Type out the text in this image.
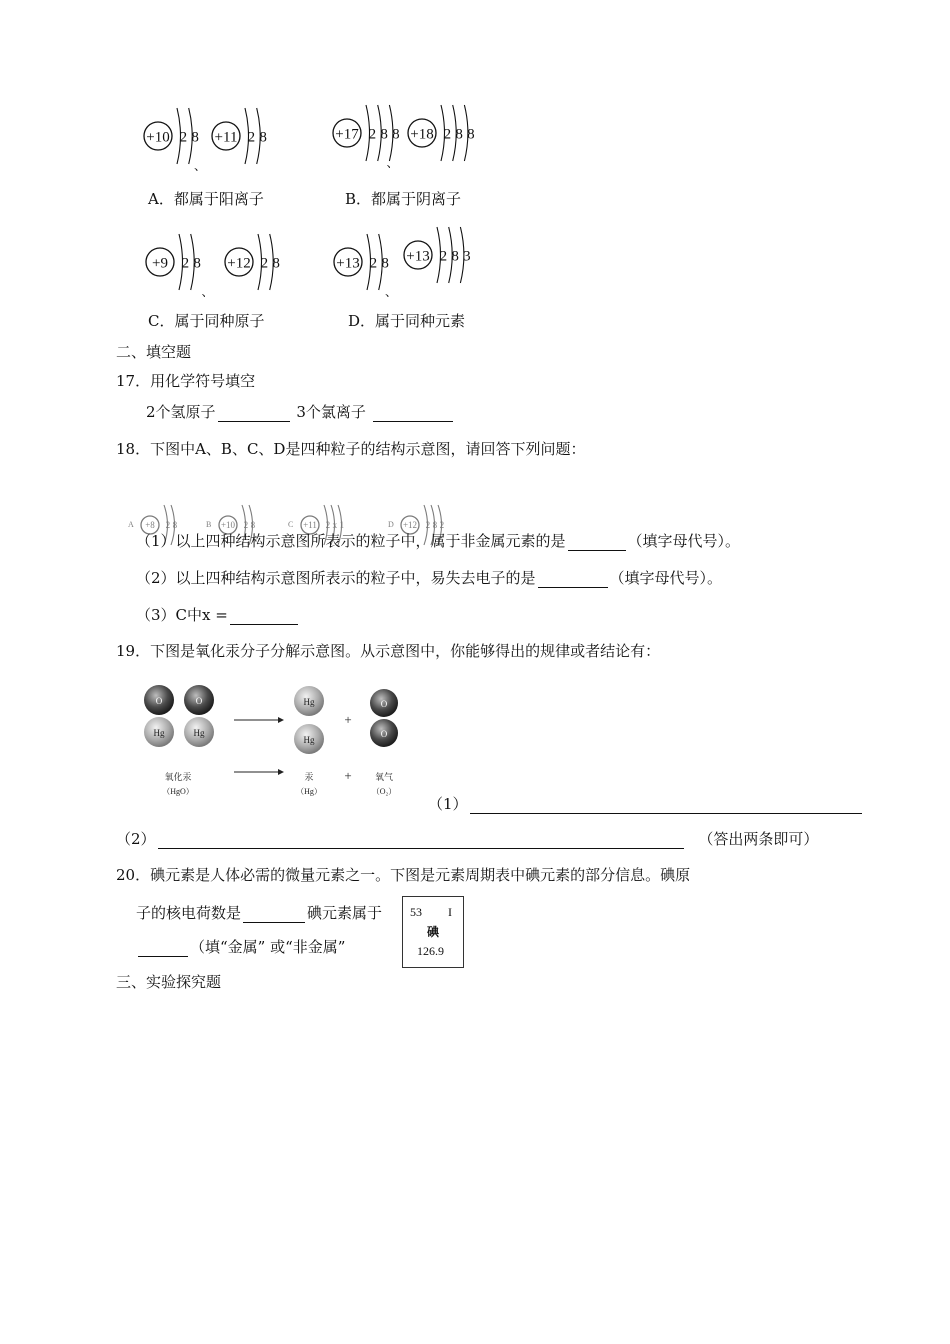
+10 2 8 +11 2 8
、
+17 2 8 8 +18 2 8 8
、
+9 2 8 +12 2 8
、
+13 2 8 +13 2 8 3
、
A．都属于阳离子	B．都属于阴离子
C．属于同种原子	D．属于同种元素
二、填空题
17．用化学符号填空
2个氢原子	3个氯离子
18．下图中A、B、C、D是四种粒子的结构示意图，请回答下列问题：
A +8 2 8	B +10 2 8	C +11 2 x 1	D +12 2 8 2
（1）以上四种结构示意图所表示的粒子中，属于非金属元素的是	（填字母代号）。
（2）以上四种结构示意图所表示的粒子中，易失去电子的是	（填字母代号）。
（3）C中x =
19．下图是氧化汞分子分解示意图。从示意图中，你能够得出的规律或者结论有：
O
Hg
O
Hg
Hg
Hg
+
O
O
氧化汞
（HgO）
汞
（Hg）
+	氧气
（O₂）
（1）
（2）	（答出两条即可）
20．碘元素是人体必需的微量元素之一。下图是元素周期表中碘元素的部分信息。碘原
子的核电荷数是	碘元素属于
（填“金属” 或“非金属”
53 I
碘
126.9
三、实验探究题
